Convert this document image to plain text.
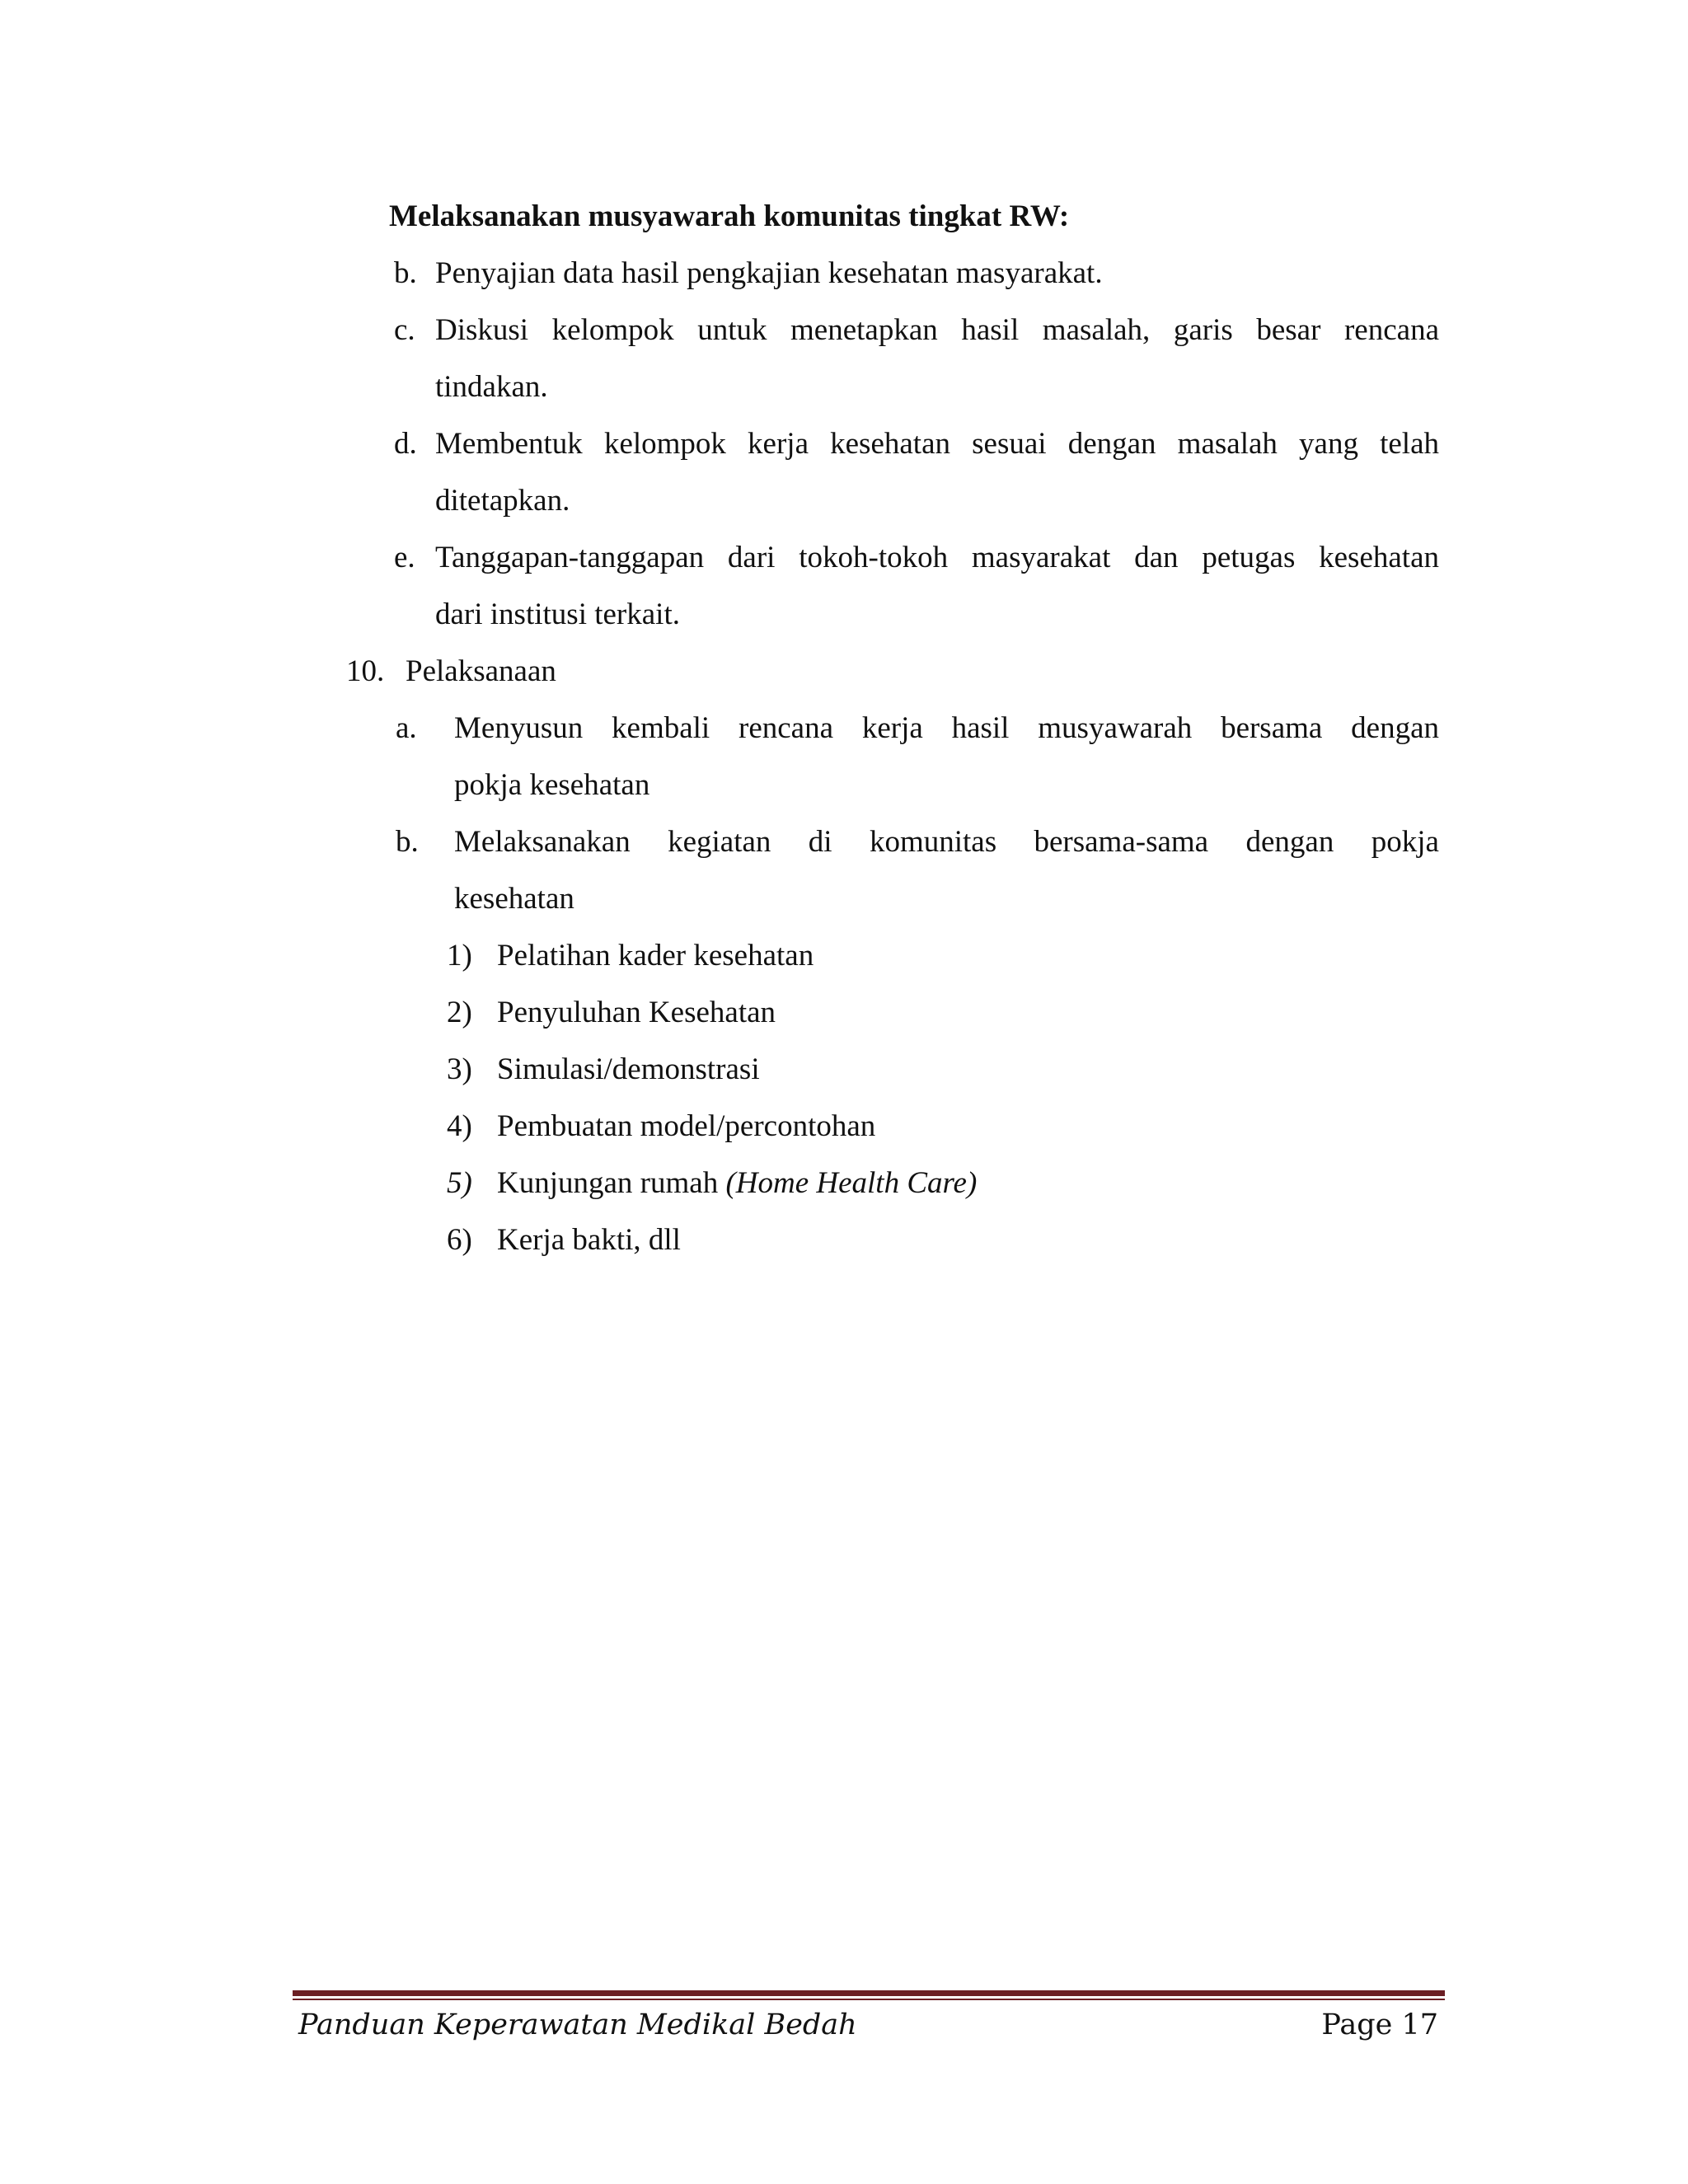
Melaksanakan musyawarah komunitas tingkat RW:
b. Penyajian data hasil pengkajian kesehatan masyarakat.
c. Diskusi kelompok untuk menetapkan hasil masalah, garis besar rencana
tindakan.
d. Membentuk kelompok kerja kesehatan sesuai dengan masalah yang telah
ditetapkan.
e. Tanggapan-tanggapan dari tokoh-tokoh masyarakat dan petugas kesehatan
dari institusi terkait.
10. Pelaksanaan
a. Menyusun kembali rencana kerja hasil musyawarah bersama dengan
pokja kesehatan
b. Melaksanakan kegiatan di komunitas bersama-sama dengan pokja
kesehatan
1) Pelatihan kader kesehatan
2) Penyuluhan Kesehatan
3) Simulasi/demonstrasi
4) Pembuatan model/percontohan
5) Kunjungan rumah (Home Health Care)
6) Kerja bakti, dll
Panduan Keperawatan Medikal Bedah	Page 17
